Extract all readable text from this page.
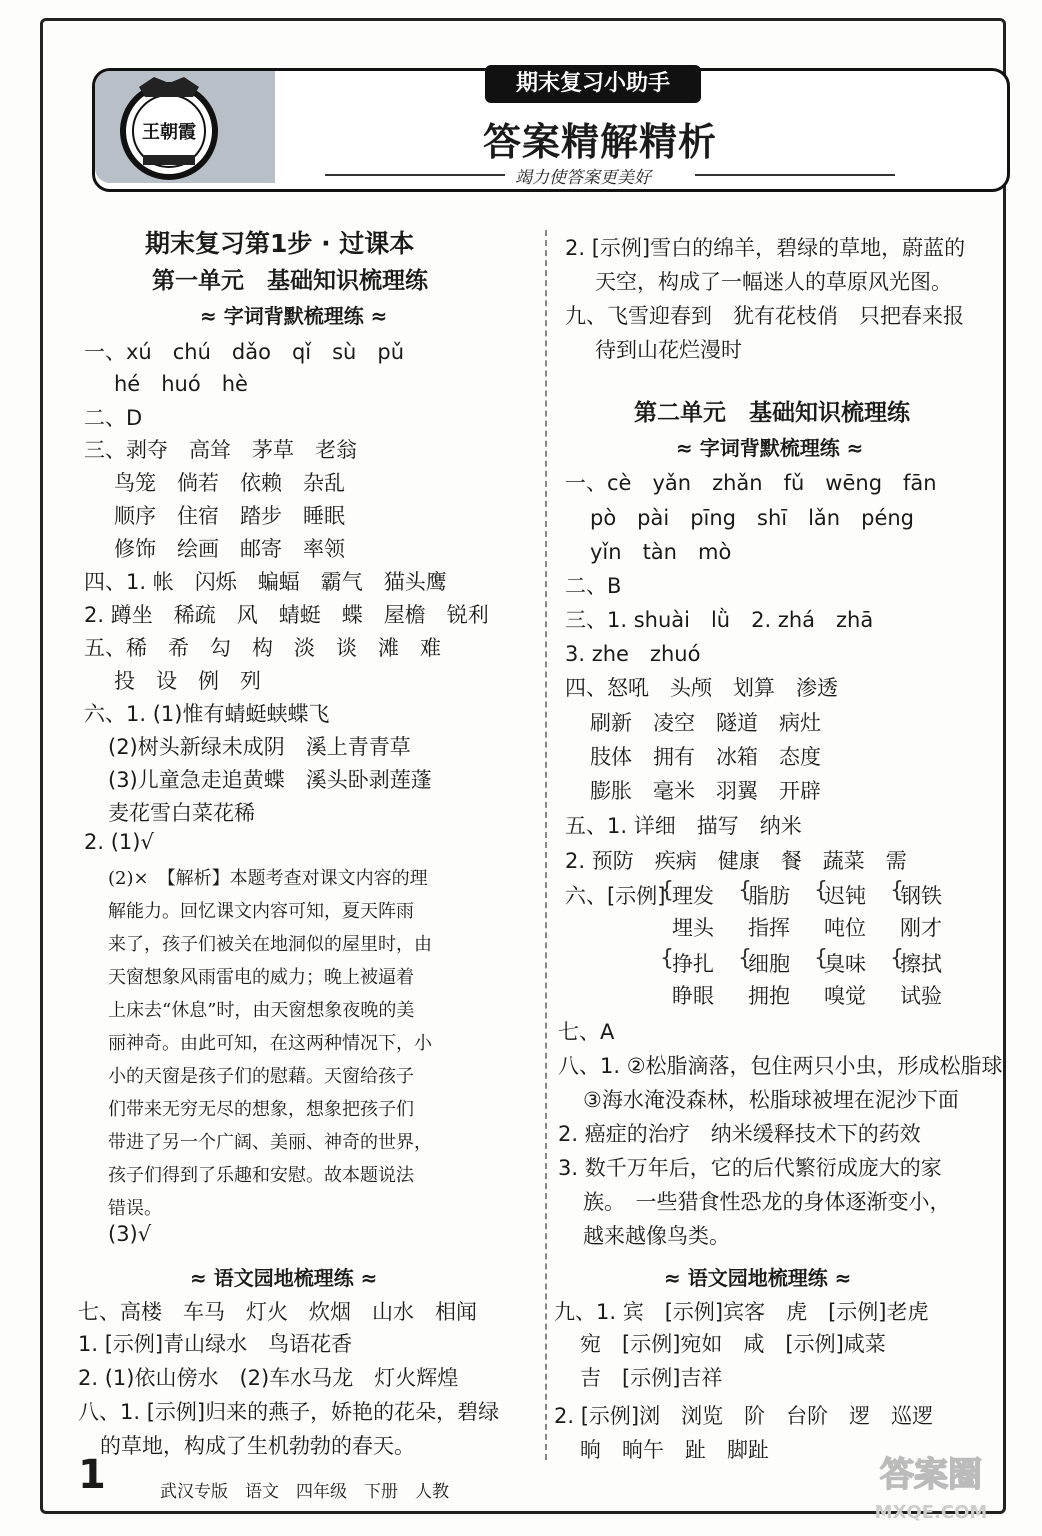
王朝霞
期末复习小助手
答案精解精析
竭力使答案更美好
期末复习第1步 · 过课本
第一单元　基础知识梳理练
≈ 字词背默梳理练 ≈
一、xú　chú　dǎo　qǐ　sù　pǔ
hé　huó　hè
二、D
三、剥夺　高耸　茅草　老翁
鸟笼　倘若　依赖　杂乱
顺序　住宿　踏步　睡眠
修饰　绘画　邮寄　率领
四、1. 帐　闪烁　蝙蝠　霸气　猫头鹰
2. 蹲坐　稀疏　风　蜻蜓　蝶　屋檐　锐利
五、稀　希　勾　构　淡　谈　滩　难
投　设　例　列
六、1. (1)惟有蜻蜓蛱蝶飞
(2)树头新绿未成阴　溪上青青草
(3)儿童急走追黄蝶　溪头卧剥莲蓬
麦花雪白菜花稀
2. (1)√
(2)×　【解析】本题考查对课文内容的理
解能力。回忆课文内容可知，夏天阵雨
来了，孩子们被关在地洞似的屋里时，由
天窗想象风雨雷电的威力；晚上被逼着
上床去“休息”时，由天窗想象夜晚的美
丽神奇。由此可知，在这两种情况下，小
小的天窗是孩子们的慰藉。天窗给孩子
们带来无穷无尽的想象，想象把孩子们
带进了另一个广阔、美丽、神奇的世界，
孩子们得到了乐趣和安慰。故本题说法
错误。
(3)√
≈ 语文园地梳理练 ≈
七、高楼　车马　灯火　炊烟　山水　相闻
1. [示例]青山绿水　鸟语花香
2. (1)依山傍水　(2)车水马龙　灯火辉煌
八、1. [示例]归来的燕子，娇艳的花朵，碧绿
的草地，构成了生机勃勃的春天。
2. [示例]雪白的绵羊，碧绿的草地，蔚蓝的
天空，构成了一幅迷人的草原风光图。
九、飞雪迎春到　犹有花枝俏　只把春来报
待到山花烂漫时
第二单元　基础知识梳理练
≈ 字词背默梳理练 ≈
一、cè　yǎn　zhǎn　fǔ　wēng　fān
pò　pài　pīng　shī　lǎn　péng
yǐn　tàn　mò
二、B
三、1. shuài　lǜ　2. zhá　zhā
3. zhe　zhuó
四、怒吼　头颅　划算　渗透
刷新　凌空　隧道　病灶
肢体　拥有　冰箱　态度
膨胀　毫米　羽翼　开辟
五、1. 详细　描写　纳米
2. 预防　疾病　健康　餐　蔬菜　需
六、[示例]
{
理发
埋头
{
脂肪
指挥
{
迟钝
吨位
{
钢铁
刚才
{
挣扎
睁眼
{
细胞
拥抱
{
臭味
嗅觉
{
擦拭
试验
七、A
八、1. ②松脂滴落，包住两只小虫，形成松脂球
③海水淹没森林，松脂球被埋在泥沙下面
2. 癌症的治疗　纳米缓释技术下的药效
3. 数千万年后，它的后代繁衍成庞大的家
族。　一些猎食性恐龙的身体逐渐变小，
越来越像鸟类。
≈ 语文园地梳理练 ≈
九、1. 宾　[示例]宾客　虎　[示例]老虎
宛　[示例]宛如　咸　[示例]咸菜
吉　[示例]吉祥
2. [示例]浏　浏览　阶　台阶　逻　巡逻
晌　晌午　趾　脚趾
1	武汉专版　语文　四年级　下册　人教	答案圈
MXQE.COM
